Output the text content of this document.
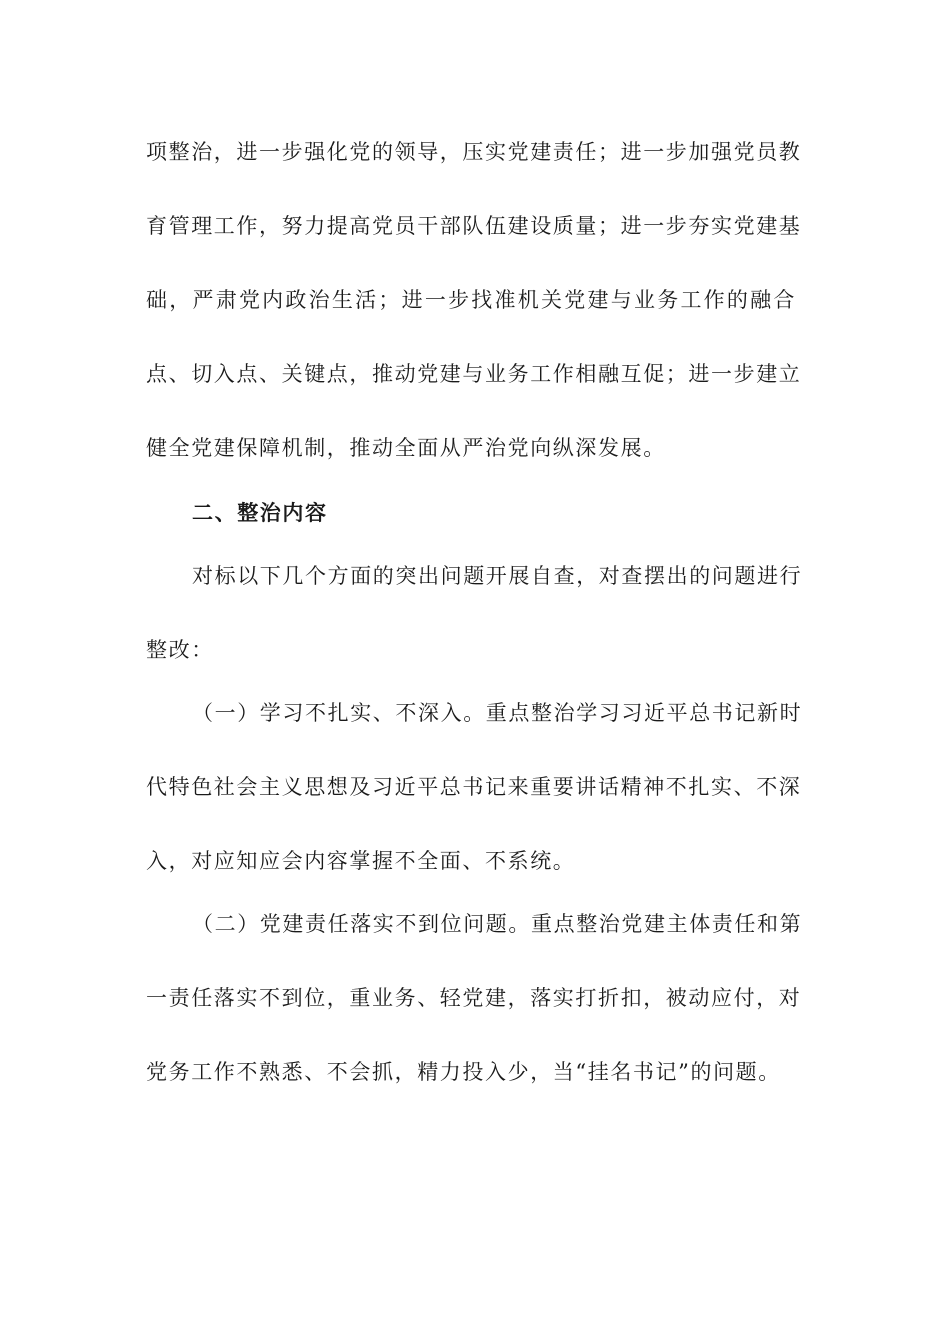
项整治，进一步强化党的领导，压实党建责任；进一步加强党员教
育管理工作，努力提高党员干部队伍建设质量；进一步夯实党建基
础，严肃党内政治生活；进一步找准机关党建与业务工作的融合
点、切入点、关键点，推动党建与业务工作相融互促；进一步建立
健全党建保障机制，推动全面从严治党向纵深发展。
二、整治内容
对标以下几个方面的突出问题开展自查，对查摆出的问题进行
整改：
（一）学习不扎实、不深入。重点整治学习习近平总书记新时
代特色社会主义思想及习近平总书记来重要讲话精神不扎实、不深
入，对应知应会内容掌握不全面、不系统。
（二）党建责任落实不到位问题。重点整治党建主体责任和第
一责任落实不到位，重业务、轻党建，落实打折扣，被动应付，对
党务工作不熟悉、不会抓，精力投入少，当“挂名书记”的问题。
